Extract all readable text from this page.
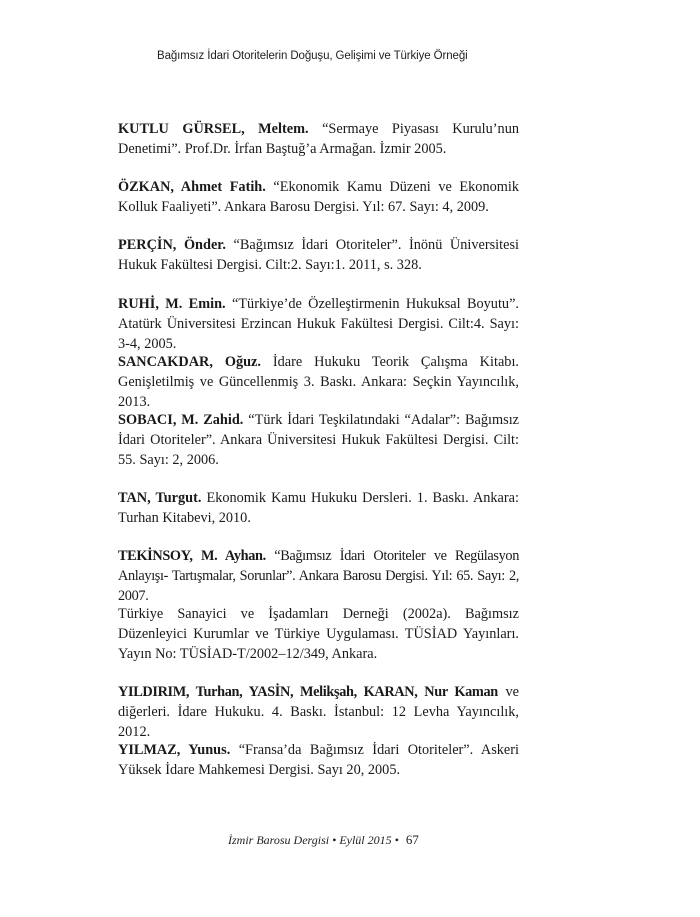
Bağımsız İdari Otoritelerin Doğuşu, Gelişimi ve Türkiye Örneği
KUTLU GÜRSEL, Meltem. “Sermaye Piyasası Kurulu’nun Denetimi”. Prof.Dr. İrfan Baştuğ’a Armağan. İzmir 2005.
ÖZKAN, Ahmet Fatih. “Ekonomik Kamu Düzeni ve Ekonomik Kolluk Faaliyeti”. Ankara Barosu Dergisi. Yıl: 67. Sayı: 4, 2009.
PERÇİN, Önder. “Bağımsız İdari Otoriteler”. İnönü Üniversitesi Hukuk Fakültesi Dergisi. Cilt:2. Sayı:1. 2011, s. 328.
RUHİ, M. Emin. “Türkiye’de Özelleştirmenin Hukuksal Boyutu”. Atatürk Üniversitesi Erzincan Hukuk Fakültesi Dergisi. Cilt:4. Sayı: 3-4, 2005.
SANCAKDAR, Oğuz. İdare Hukuku Teorik Çalışma Kitabı. Genişletilmiş ve Güncellenmiş 3. Baskı. Ankara: Seçkin Yayıncılık, 2013.
SOBACI, M. Zahid. “Türk İdari Teşkilatındaki “Adalar”: Bağımsız İdari Otoriteler”. Ankara Üniversitesi Hukuk Fakültesi Dergisi. Cilt: 55. Sayı: 2, 2006.
TAN, Turgut. Ekonomik Kamu Hukuku Dersleri. 1. Baskı. Ankara: Turhan Kitabevi, 2010.
TEKİNSOY, M. Ayhan. “Bağımsız İdari Otoriteler ve Regülasyon Anlayışı- Tartışmalar, Sorunlar”. Ankara Barosu Dergisi. Yıl: 65. Sayı: 2, 2007.
Türkiye Sanayici ve İşadamları Derneği (2002a). Bağımsız Düzenleyici Kurumlar ve Türkiye Uygulaması. TÜSİAD Yayınları. Yayın No: TÜSİAD-T/2002–12/349, Ankara.
YILDIRIM, Turhan, YASİN, Melikşah, KARAN, Nur Kaman ve diğerleri. İdare Hukuku. 4. Baskı. İstanbul: 12 Levha Yayıncılık, 2012.
YILMAZ, Yunus. “Fransa’da Bağımsız İdari Otoriteler”. Askeri Yüksek İdare Mahkemesi Dergisi. Sayı 20, 2005.
İzmir Barosu Dergisi • Eylül 2015 • 67
